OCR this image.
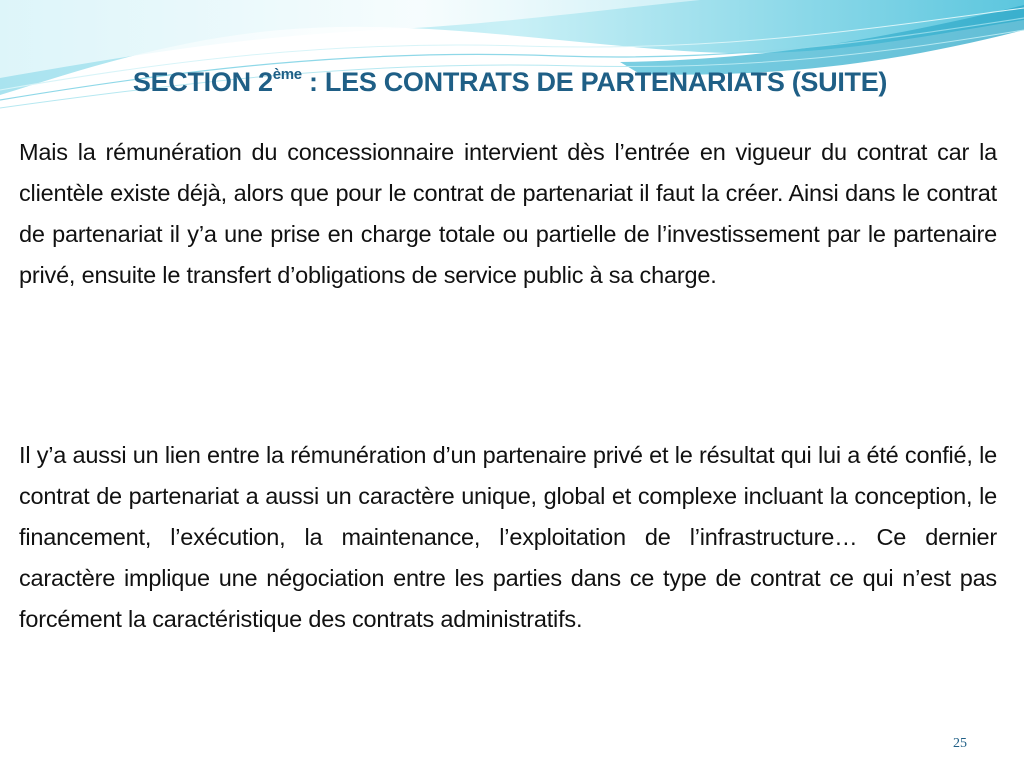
SECTION 2ème : LES CONTRATS DE PARTENARIATS (SUITE)

Mais la rémunération du concessionnaire intervient dès l’entrée en vigueur du contrat car la clientèle existe déjà, alors que pour le contrat de partenariat il faut la créer. Ainsi dans le contrat de partenariat il y’a une prise en charge totale ou partielle de l’investissement par le partenaire privé, ensuite le transfert d’obligations de service public à sa charge.

Il y’a aussi un lien entre la rémunération d’un partenaire privé et le résultat qui lui a été confié, le contrat de partenariat a aussi un caractère unique, global et complexe incluant la conception, le financement, l’exécution, la maintenance, l’exploitation de l’infrastructure… Ce dernier caractère implique une négociation entre les parties dans ce type de contrat ce qui n’est pas forcément la caractéristique des contrats administratifs.

25
